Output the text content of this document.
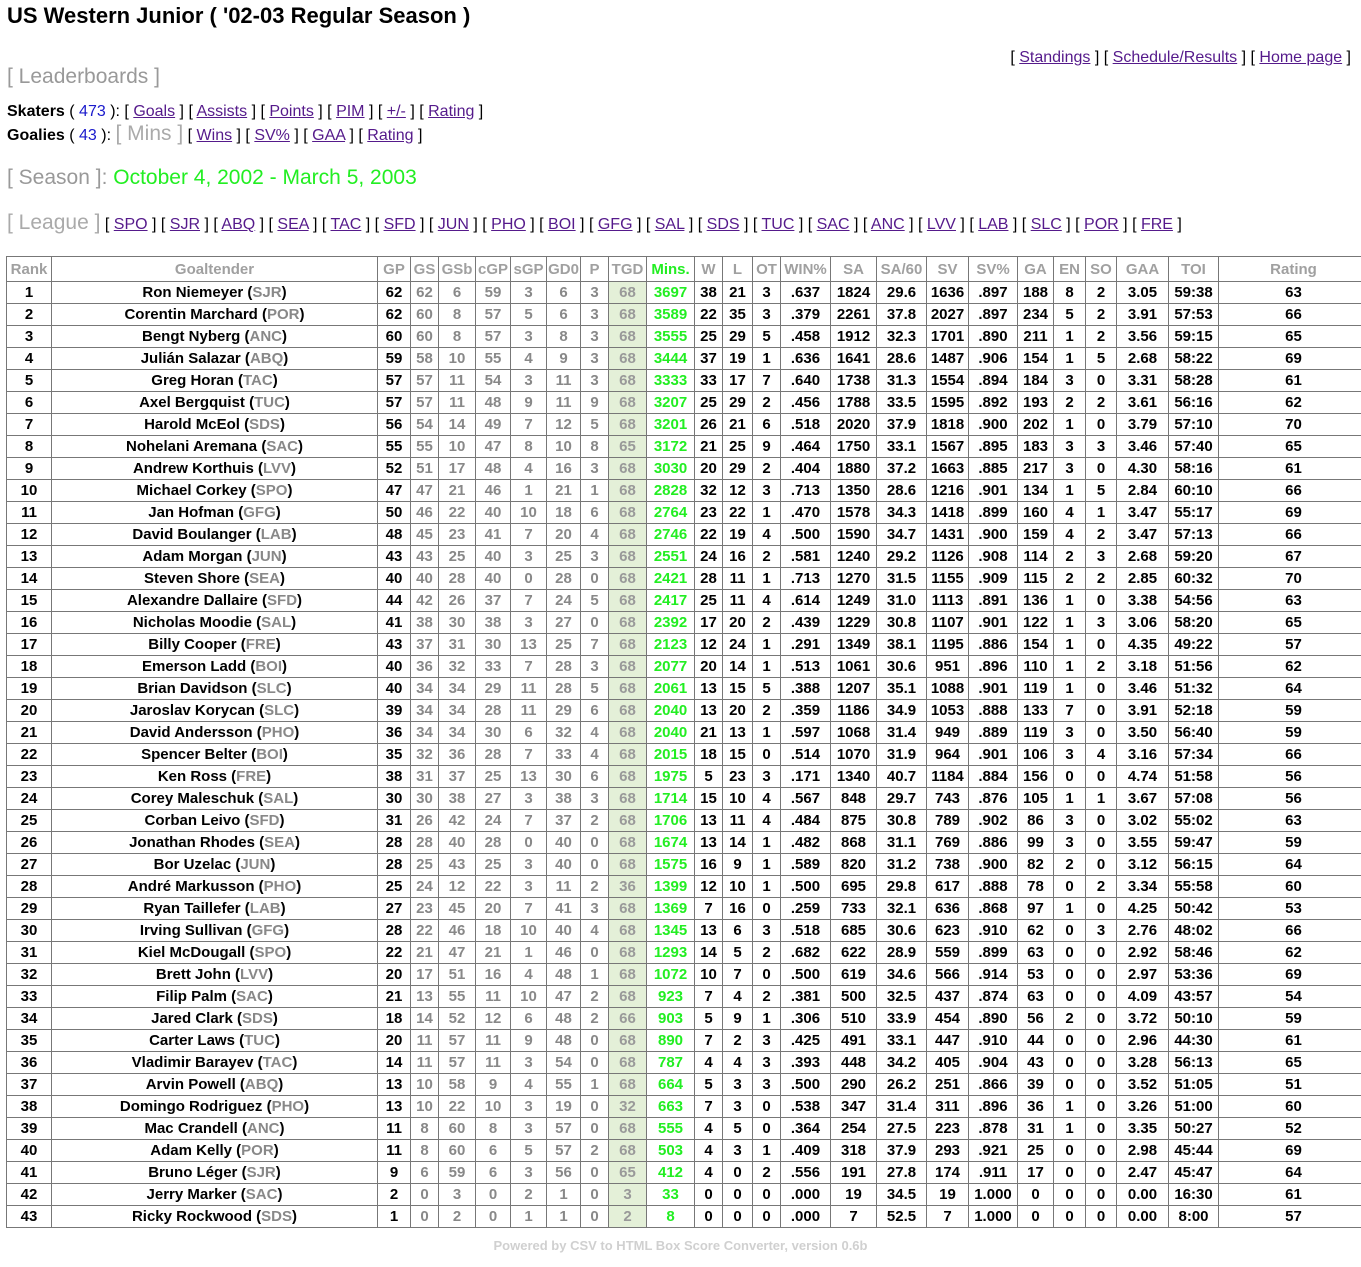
US Western Junior ( '02-03 Regular Season )
[ Standings ] [ Schedule/Results ] [ Home page ]
[ Leaderboards ]
Skaters ( 473 ): [ Goals ] [ Assists ] [ Points ] [ PIM ] [ +/- ] [ Rating ]
Goalies ( 43 ): [ Mins ] [ Wins ] [ SV% ] [ GAA ] [ Rating ]
[ Season ]: October 4, 2002 - March 5, 2003
[ League ] [ SPO ] [ SJR ] [ ABQ ] [ SEA ] [ TAC ] [ SFD ] [ JUN ] [ PHO ] [ BOI ] [ GFG ] [ SAL ] [ SDS ] [ TUC ] [ SAC ] [ ANC ] [ LVV ] [ LAB ] [ SLC ] [ POR ] [ FRE ]
Rank	Goaltender	GP	GS	GSb	cGP	sGP	GD0	P	TGD	Mins.	W	L	OT	WIN%	SA	SA/60	SV	SV%	GA	EN	SO	GAA	TOI	Rating
1	Ron Niemeyer (SJR)	62	62	6	59	3	6	3	68	3697	38	21	3	.637	1824	29.6	1636	.897	188	8	2	3.05	59:38	63
2	Corentin Marchard (POR)	62	60	8	57	5	6	3	68	3589	22	35	3	.379	2261	37.8	2027	.897	234	5	2	3.91	57:53	66
3	Bengt Nyberg (ANC)	60	60	8	57	3	8	3	68	3555	25	29	5	.458	1912	32.3	1701	.890	211	1	2	3.56	59:15	65
4	Julián Salazar (ABQ)	59	58	10	55	4	9	3	68	3444	37	19	1	.636	1641	28.6	1487	.906	154	1	5	2.68	58:22	69
5	Greg Horan (TAC)	57	57	11	54	3	11	3	68	3333	33	17	7	.640	1738	31.3	1554	.894	184	3	0	3.31	58:28	61
6	Axel Bergquist (TUC)	57	57	11	48	9	11	9	68	3207	25	29	2	.456	1788	33.5	1595	.892	193	2	2	3.61	56:16	62
7	Harold McEol (SDS)	56	54	14	49	7	12	5	68	3201	26	21	6	.518	2020	37.9	1818	.900	202	1	0	3.79	57:10	70
8	Nohelani Aremana (SAC)	55	55	10	47	8	10	8	65	3172	21	25	9	.464	1750	33.1	1567	.895	183	3	3	3.46	57:40	65
9	Andrew Korthuis (LVV)	52	51	17	48	4	16	3	68	3030	20	29	2	.404	1880	37.2	1663	.885	217	3	0	4.30	58:16	61
10	Michael Corkey (SPO)	47	47	21	46	1	21	1	68	2828	32	12	3	.713	1350	28.6	1216	.901	134	1	5	2.84	60:10	66
11	Jan Hofman (GFG)	50	46	22	40	10	18	6	68	2764	23	22	1	.470	1578	34.3	1418	.899	160	4	1	3.47	55:17	69
12	David Boulanger (LAB)	48	45	23	41	7	20	4	68	2746	22	19	4	.500	1590	34.7	1431	.900	159	4	2	3.47	57:13	66
13	Adam Morgan (JUN)	43	43	25	40	3	25	3	68	2551	24	16	2	.581	1240	29.2	1126	.908	114	2	3	2.68	59:20	67
14	Steven Shore (SEA)	40	40	28	40	0	28	0	68	2421	28	11	1	.713	1270	31.5	1155	.909	115	2	2	2.85	60:32	70
15	Alexandre Dallaire (SFD)	44	42	26	37	7	24	5	68	2417	25	11	4	.614	1249	31.0	1113	.891	136	1	0	3.38	54:56	63
16	Nicholas Moodie (SAL)	41	38	30	38	3	27	0	68	2392	17	20	2	.439	1229	30.8	1107	.901	122	1	3	3.06	58:20	65
17	Billy Cooper (FRE)	43	37	31	30	13	25	7	68	2123	12	24	1	.291	1349	38.1	1195	.886	154	1	0	4.35	49:22	57
18	Emerson Ladd (BOI)	40	36	32	33	7	28	3	68	2077	20	14	1	.513	1061	30.6	951	.896	110	1	2	3.18	51:56	62
19	Brian Davidson (SLC)	40	34	34	29	11	28	5	68	2061	13	15	5	.388	1207	35.1	1088	.901	119	1	0	3.46	51:32	64
20	Jaroslav Korycan (SLC)	39	34	34	28	11	29	6	68	2040	13	20	2	.359	1186	34.9	1053	.888	133	7	0	3.91	52:18	59
21	David Andersson (PHO)	36	34	34	30	6	32	4	68	2040	21	13	1	.597	1068	31.4	949	.889	119	3	0	3.50	56:40	59
22	Spencer Belter (BOI)	35	32	36	28	7	33	4	68	2015	18	15	0	.514	1070	31.9	964	.901	106	3	4	3.16	57:34	66
23	Ken Ross (FRE)	38	31	37	25	13	30	6	68	1975	5	23	3	.171	1340	40.7	1184	.884	156	0	0	4.74	51:58	56
24	Corey Maleschuk (SAL)	30	30	38	27	3	38	3	68	1714	15	10	4	.567	848	29.7	743	.876	105	1	1	3.67	57:08	56
25	Corban Leivo (SFD)	31	26	42	24	7	37	2	68	1706	13	11	4	.484	875	30.8	789	.902	86	3	0	3.02	55:02	63
26	Jonathan Rhodes (SEA)	28	28	40	28	0	40	0	68	1674	13	14	1	.482	868	31.1	769	.886	99	3	0	3.55	59:47	59
27	Bor Uzelac (JUN)	28	25	43	25	3	40	0	68	1575	16	9	1	.589	820	31.2	738	.900	82	2	0	3.12	56:15	64
28	André Markusson (PHO)	25	24	12	22	3	11	2	36	1399	12	10	1	.500	695	29.8	617	.888	78	0	2	3.34	55:58	60
29	Ryan Taillefer (LAB)	27	23	45	20	7	41	3	68	1369	7	16	0	.259	733	32.1	636	.868	97	1	0	4.25	50:42	53
30	Irving Sullivan (GFG)	28	22	46	18	10	40	4	68	1345	13	6	3	.518	685	30.6	623	.910	62	0	3	2.76	48:02	66
31	Kiel McDougall (SPO)	22	21	47	21	1	46	0	68	1293	14	5	2	.682	622	28.9	559	.899	63	0	0	2.92	58:46	62
32	Brett John (LVV)	20	17	51	16	4	48	1	68	1072	10	7	0	.500	619	34.6	566	.914	53	0	0	2.97	53:36	69
33	Filip Palm (SAC)	21	13	55	11	10	47	2	68	923	7	4	2	.381	500	32.5	437	.874	63	0	0	4.09	43:57	54
34	Jared Clark (SDS)	18	14	52	12	6	48	2	66	903	5	9	1	.306	510	33.9	454	.890	56	2	0	3.72	50:10	59
35	Carter Laws (TUC)	20	11	57	11	9	48	0	68	890	7	2	3	.425	491	33.1	447	.910	44	0	0	2.96	44:30	61
36	Vladimir Barayev (TAC)	14	11	57	11	3	54	0	68	787	4	4	3	.393	448	34.2	405	.904	43	0	0	3.28	56:13	65
37	Arvin Powell (ABQ)	13	10	58	9	4	55	1	68	664	5	3	3	.500	290	26.2	251	.866	39	0	0	3.52	51:05	51
38	Domingo Rodriguez (PHO)	13	10	22	10	3	19	0	32	663	7	3	0	.538	347	31.4	311	.896	36	1	0	3.26	51:00	60
39	Mac Crandell (ANC)	11	8	60	8	3	57	0	68	555	4	5	0	.364	254	27.5	223	.878	31	1	0	3.35	50:27	52
40	Adam Kelly (POR)	11	8	60	6	5	57	2	68	503	4	3	1	.409	318	37.9	293	.921	25	0	0	2.98	45:44	69
41	Bruno Léger (SJR)	9	6	59	6	3	56	0	65	412	4	0	2	.556	191	27.8	174	.911	17	0	0	2.47	45:47	64
42	Jerry Marker (SAC)	2	0	3	0	2	1	0	3	33	0	0	0	.000	19	34.5	19	1.000	0	0	0	0.00	16:30	61
43	Ricky Rockwood (SDS)	1	0	2	0	1	1	0	2	8	0	0	0	.000	7	52.5	7	1.000	0	0	0	0.00	8:00	57
Powered by CSV to HTML Box Score Converter, version 0.6b
